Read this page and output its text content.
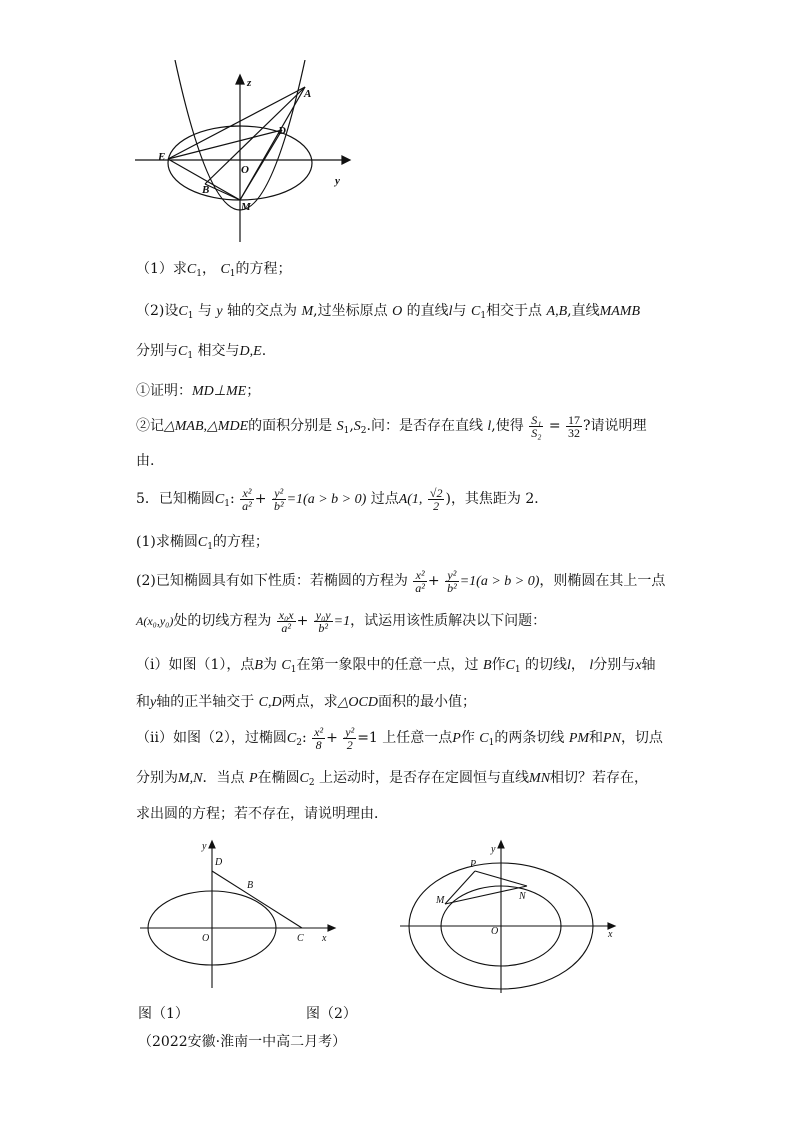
z
y
A
D
E
O
B
M
（1）求$C_1$， $C_1$的方程；
（2)设$C_1$ 与 y 轴的交点为 M,过坐标原点 O 的直线l与 $C_1$相交于点 A,B,直线MAMB
分别与$C_1$ 相交与D,E.
①证明：MD⊥ME；
②记△MAB,△MDE的面积分别是 $S_1,S_2$.问：是否存在直线 l,使得 $\frac{\text{S₁}}{\text{S₂}} = \frac{17}{32}$ ?请说明理
由.
5．已知椭圆$C_1$: $\frac{\text{x²}}{\text{a²}} + \frac{\text{y²}}{\text{b²}} =1(a > b > 0)$ 过点A(1, $\frac{√2}{2}$ )，其焦距为 2．
(1)求椭圆$C_1$的方程；
(2)已知椭圆具有如下性质：若椭圆的方程为 $\frac{\text{x²}}{\text{a²}} + \frac{\text{y²}}{\text{b²}} =1(a > b > 0)$，则椭圆在其上一点
A(x₀,y₀)处的切线方程为 $\frac{\text{x₀x}}{\text{a²}} + \frac{\text{y₀y}}{\text{b²}} =1$，试运用该性质解决以下问题：
（i）如图（1），点B为 $C_1$在第一象限中的任意一点，过 B作$C_1$ 的切线l， l分别与x轴
和y轴的正半轴交于 C,D两点，求△OCD面积的最小值；
（ii）如图（2），过椭圆$C_2$: $\frac{\text{x²}}{8} + \frac{\text{y²}}{2} =1$ 上任意一点P作 $C_1$的两条切线 PM和PN，切点
分别为M,N．当点 P在椭圆$C_2$ 上运动时，是否存在定圆恒与直线MN相切？若存在，
求出圆的方程；若不存在，请说明理由．
y
D
B
O	C x
y
P
M	N
O	x
图（1）	图（2）
（2022安徽·淮南一中高二月考）
